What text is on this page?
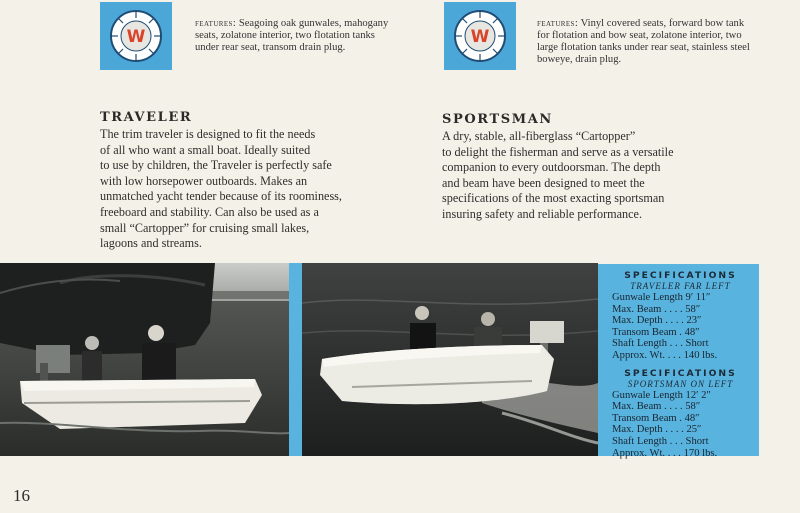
W	W
features: Seagoing oak gunwales, mahogany seats, zolatone interior, two flotation tanks under rear seat, transom drain plug.
features: Vinyl covered seats, forward bow tank for flotation and bow seat, zolatone interior, two large flotation tanks under rear seat, stainless steel boweye, drain plug.
TRAVELER	SPORTSMAN
The trim traveler is designed to fit the needs
of all who want a small boat. Ideally suited
to use by children, the Traveler is perfectly safe
with low horsepower outboards. Makes an
unmatched yacht tender because of its roominess,
freeboard and stability. Can also be used as a
small “Cartopper” for cruising small lakes,
lagoons and streams.
A dry, stable, all-fiberglass “Cartopper”
to delight the fisherman and serve as a versatile
companion to every outdoorsman. The depth
and beam have been designed to meet the
specifications of the most exacting sportsman
insuring safety and reliable performance.
SPECIFICATIONS
TRAVELER FAR LEFT
Gunwale Length 9′ 11″
Max. Beam . . . . 58″
Max. Depth . . . . 23″
Transom Beam . 48″
Shaft Length . . . Short
Approx. Wt. . . . 140 lbs.
SPECIFICATIONS
SPORTSMAN ON LEFT
Gunwale Length 12′ 2″
Max. Beam . . . . 58″
Transom Beam . 48″
Max. Depth . . . . 25″
Shaft Length . . . Short
Approx. Wt. . . . 170 lbs.
16
